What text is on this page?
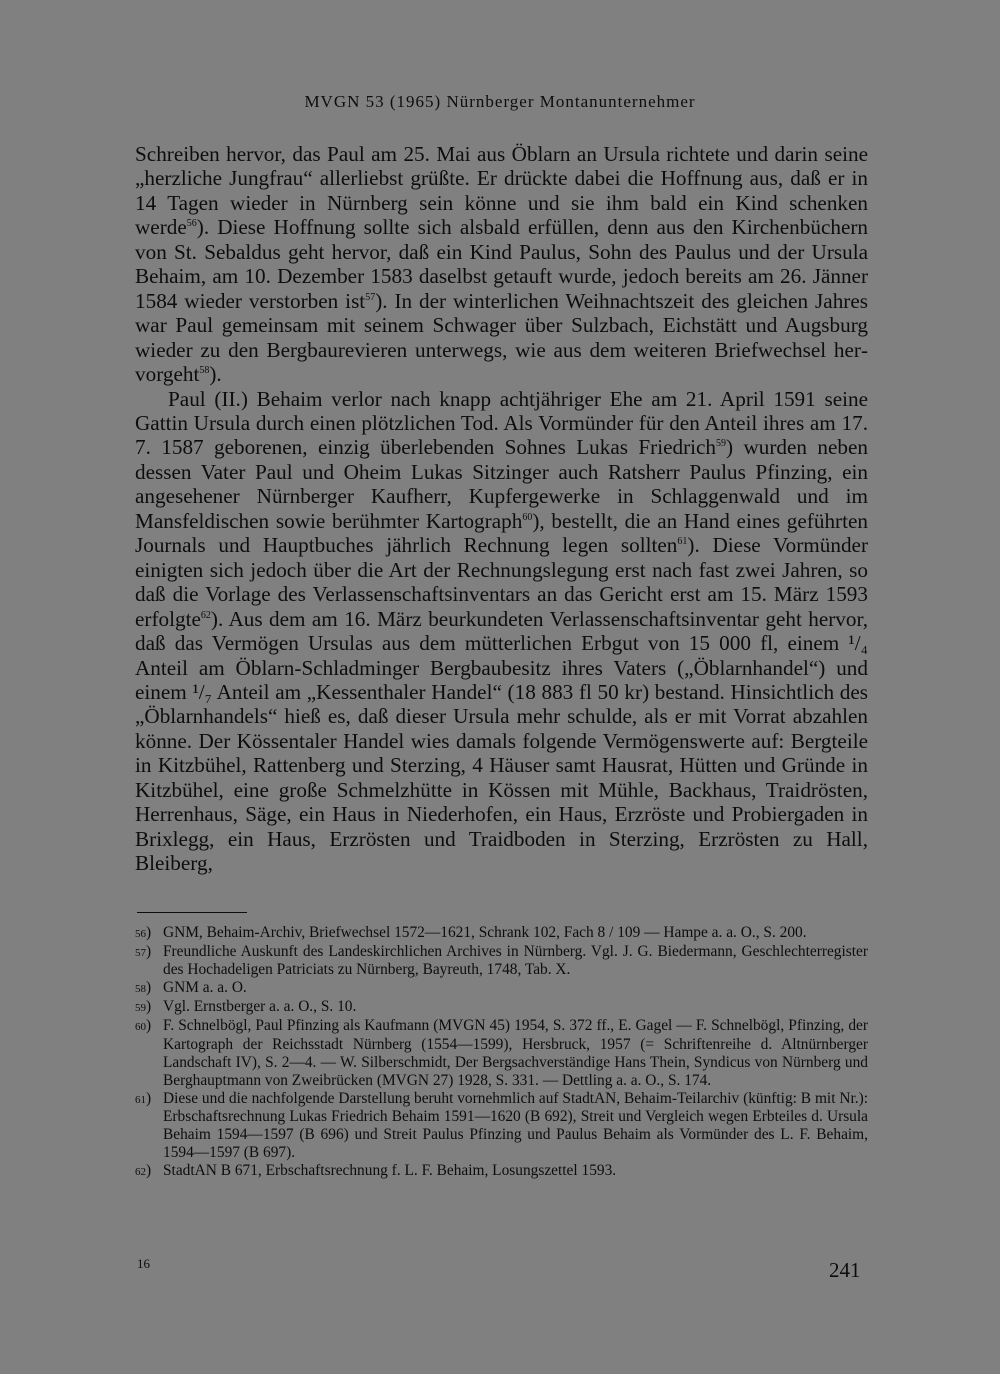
MVGN 53 (1965) Nürnberger Montanunternehmer

Schreiben hervor, das Paul am 25. Mai aus Öblarn an Ursula richtete und darin seine „herzliche Jungfrau“ allerliebst grüßte. Er drückte dabei die Hoffnung aus, daß er in 14 Tagen wieder in Nürnberg sein könne und sie ihm bald ein Kind schenken werde$^{56}$). Diese Hoffnung sollte sich alsbald erfüllen, denn aus den Kirchenbüchern von St. Sebaldus geht hervor, daß ein Kind Paulus, Sohn des Paulus und der Ursula Behaim, am 10. Dezember 1583 daselbst getauft wurde, jedoch bereits am 26. Jänner 1584 wieder verstorben ist$^{57}$). In der winterlichen Weihnachtszeit des gleichen Jahres war Paul gemeinsam mit seinem Schwager über Sulzbach, Eichstätt und Augsburg wieder zu den Bergbaurevieren unterwegs, wie aus dem weiteren Briefwechsel hervorgeht$^{58}$).

Paul (II.) Behaim verlor nach knapp achtjähriger Ehe am 21. April 1591 seine Gattin Ursula durch einen plötzlichen Tod. Als Vormünder für den Anteil ihres am 17. 7. 1587 geborenen, einzig überlebenden Sohnes Lukas Friedrich$^{59}$) wurden neben dessen Vater Paul und Oheim Lukas Sitzinger auch Ratsherr Paulus Pfinzing, ein angesehener Nürnberger Kaufherr, Kupfergewerke in Schlaggenwald und im Mansfeldischen sowie berühmter Kartograph$^{60}$), bestellt, die an Hand eines geführten Journals und Hauptbuches jährlich Rechnung legen sollten$^{61}$). Diese Vormünder einigten sich jedoch über die Art der Rechnungslegung erst nach fast zwei Jahren, so daß die Vorlage des Verlassenschaftsinventars an das Gericht erst am 15. März 1593 erfolgte$^{62}$). Aus dem am 16. März beurkundeten Verlassenschaftsinventar geht hervor, daß das Vermögen Ursulas aus dem mütterlichen Erbgut von 15 000 fl, einem ¹/₄ Anteil am Öblarn-Schladminger Bergbaubesitz ihres Vaters („Öblarnhandel“) und einem ¹/₇ Anteil am „Kessenthaler Handel“ (18 883 fl 50 kr) bestand. Hinsichtlich des „Öblarnhandels“ hieß es, daß dieser Ursula mehr schulde, als er mit Vorrat abzahlen könne. Der Kössentaler Handel wies damals folgende Vermögenswerte auf: Bergteile in Kitzbühel, Rattenberg und Sterzing, 4 Häuser samt Hausrat, Hütten und Gründe in Kitzbühel, eine große Schmelzhütte in Kössen mit Mühle, Backhaus, Traidrösten, Herrenhaus, Säge, ein Haus in Niederhofen, ein Haus, Erzröste und Probiergaden in Brixlegg, ein Haus, Erzrösten und Traidboden in Sterzing, Erzrösten zu Hall, Bleiberg,

56) GNM, Behaim-Archiv, Briefwechsel 1572—1621, Schrank 102, Fach 8 / 109 — Hampe a. a. O., S. 200.
57) Freundliche Auskunft des Landeskirchlichen Archives in Nürnberg. Vgl. J. G. Biedermann, Geschlechterregister des Hochadeligen Patriciats zu Nürnberg, Bayreuth, 1748, Tab. X.
58) GNM a. a. O.
59) Vgl. Ernstberger a. a. O., S. 10.
60) F. Schnelbögl, Paul Pfinzing als Kaufmann (MVGN 45) 1954, S. 372 ff., E. Gagel — F. Schnelbögl, Pfinzing, der Kartograph der Reichsstadt Nürnberg (1554—1599), Hersbruck, 1957 (= Schriftenreihe d. Altnürnberger Landschaft IV), S. 2—4. — W. Silberschmidt, Der Bergsachverständige Hans Thein, Syndicus von Nürnberg und Berghauptmann von Zweibrücken (MVGN 27) 1928, S. 331. — Dettling a. a. O., S. 174.
61) Diese und die nachfolgende Darstellung beruht vornehmlich auf StadtAN, Behaim-Teilarchiv (künftig: B mit Nr.): Erbschaftsrechnung Lukas Friedrich Behaim 1591—1620 (B 692), Streit und Vergleich wegen Erbteiles d. Ursula Behaim 1594—1597 (B 696) und Streit Paulus Pfinzing und Paulus Behaim als Vormünder des L. F. Behaim, 1594—1597 (B 697).
62) StadtAN B 671, Erbschaftsrechnung f. L. F. Behaim, Losungszettel 1593.
16	241
